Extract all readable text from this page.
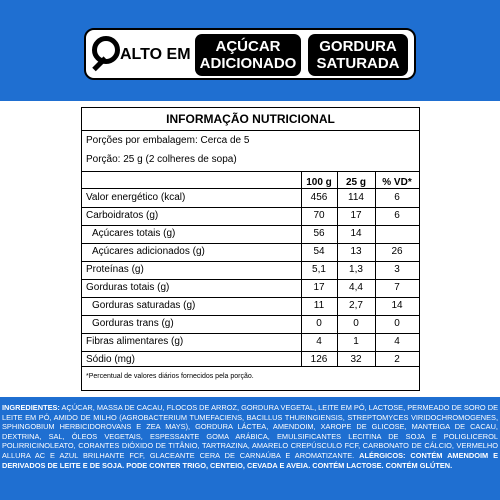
ALTO EM	AÇÚCAR
ADICIONADO
GORDURA
SATURADA
INFORMAÇÃO NUTRICIONAL
Porções por embalagem: Cerca de 5
Porção: 25 g (2 colheres de sopa)
100 g	25 g	% VD*
Valor energético (kcal)	456	114	6
Carboidratos (g)	70	17	6
Açúcares totais (g)	56	14
Açúcares adicionados (g)	54	13	26
Proteínas (g)	5,1	1,3	3
Gorduras totais (g)	17	4,4	7
Gorduras saturadas (g)	11	2,7	14
Gorduras trans (g)	0	0	0
Fibras alimentares (g)	4	1	4
Sódio (mg)	126	32	2
*Percentual de valores diários fornecidos pela porção.
INGREDIENTES: AÇÚCAR, MASSA DE CACAU, FLOCOS DE ARROZ, GORDURA VEGETAL, LEITE EM PÓ, LACTOSE, PERMEADO DE SORO DE LEITE EM PÓ, AMIDO DE MILHO (AGROBACTERIUM TUMEFACIENS, BACILLUS THURINGIENSIS, STREPTOMYCES VIRIDOCHROMOGENES, SPHINGOBIUM HERBICIDOROVANS E ZEA MAYS), GORDURA LÁCTEA, AMENDOIM, XAROPE DE GLICOSE, MANTEIGA DE CACAU, DEXTRINA, SAL, ÓLEOS VEGETAIS, ESPESSANTE GOMA ARÁBICA, EMULSIFICANTES LECITINA DE SOJA E POLIGLICEROL POLIRRICINOLEATO, CORANTES DIÓXIDO DE TITÂNIO, TARTRAZINA, AMARELO CREPÚSCULO FCF, CARBONATO DE CÁLCIO, VERMELHO ALLURA AC E AZUL BRILHANTE FCF, GLACEANTE CERA DE CARNAÚBA E AROMATIZANTE. ALÉRGICOS: CONTÉM AMENDOIM E DERIVADOS DE LEITE E DE SOJA. PODE CONTER TRIGO, CENTEIO, CEVADA E AVEIA. CONTÉM LACTOSE. CONTÉM GLÚTEN.
